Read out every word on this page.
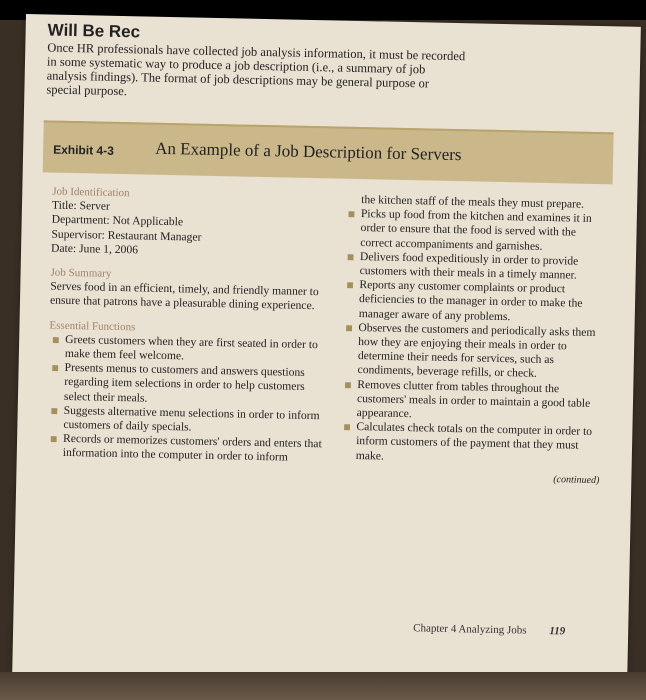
Will Be Rec
Once HR professionals have collected job analysis information, it must be recorded in some systematic way to produce a job description (i.e., a summary of job analysis findings). The format of job descriptions may be general purpose or special purpose.
Exhibit 4-3 An Example of a Job Description for Servers
Job Identification
Title: Server
Department: Not Applicable
Supervisor: Restaurant Manager
Date: June 1, 2006
Job Summary
Serves food in an efficient, timely, and friendly manner to ensure that patrons have a pleasurable dining experience.
Essential Functions
■ Greets customers when they are first seated in order to make them feel welcome.
■ Presents menus to customers and answers questions regarding item selections in order to help customers select their meals.
■ Suggests alternative menu selections in order to inform customers of daily specials.
■ Records or memorizes customers' orders and enters that information into the computer in order to inform
the kitchen staff of the meals they must prepare.
■ Picks up food from the kitchen and examines it in order to ensure that the food is served with the correct accompaniments and garnishes.
■ Delivers food expeditiously in order to provide customers with their meals in a timely manner.
■ Reports any customer complaints or product deficiencies to the manager in order to make the manager aware of any problems.
■ Observes the customers and periodically asks them how they are enjoying their meals in order to determine their needs for services, such as condiments, beverage refills, or check.
■ Removes clutter from tables throughout the customers' meals in order to maintain a good table appearance.
■ Calculates check totals on the computer in order to inform customers of the payment that they must make.
(continued)
Chapter 4 Analyzing Jobs 119
